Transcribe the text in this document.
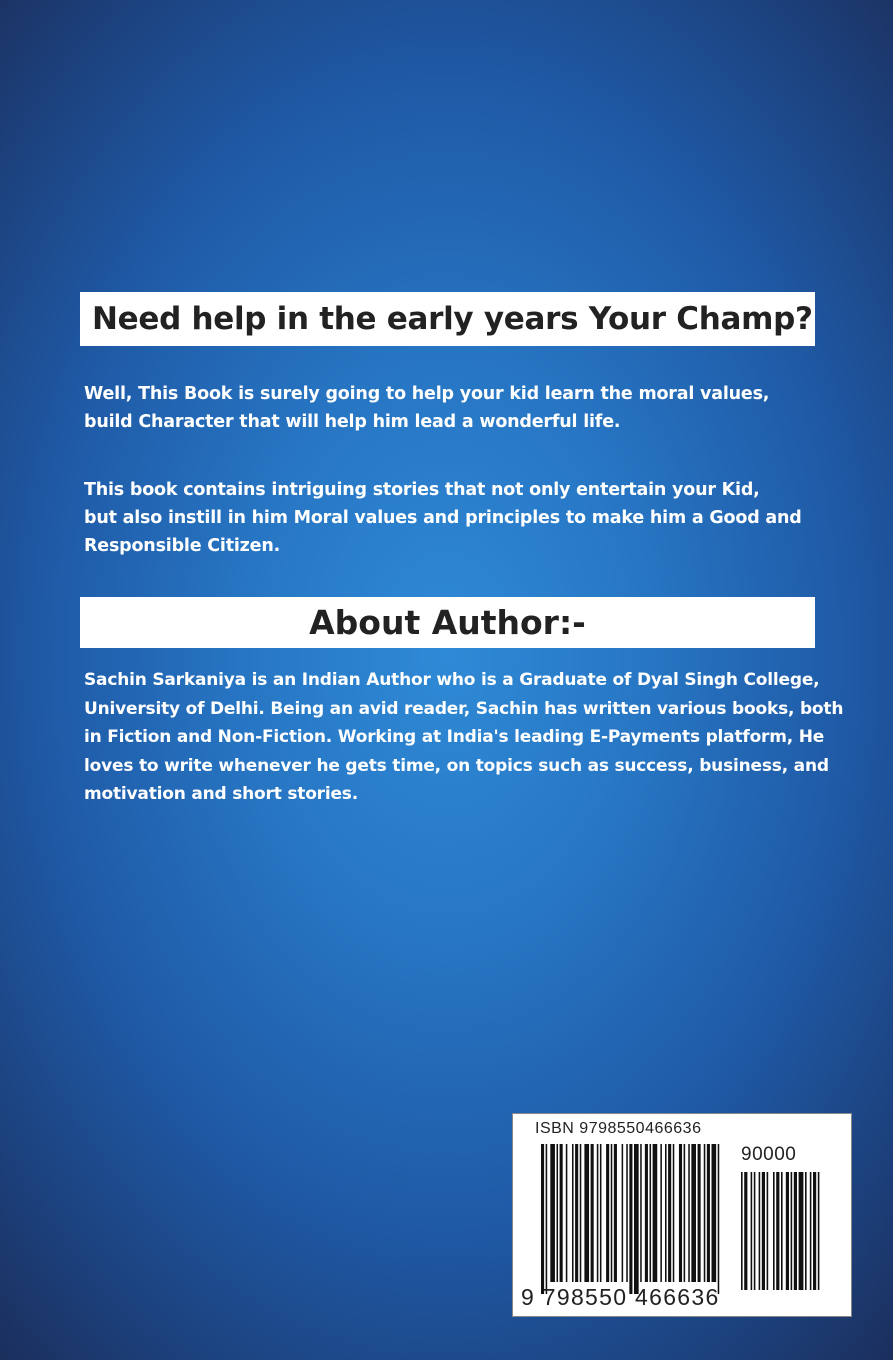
Need help in the early years Your Champ?
Well, This Book is surely going to help your kid learn the moral values,
build Character that will help him lead a wonderful life.
This book contains intriguing stories that not only entertain your Kid,
but also instill in him Moral values and principles to make him a Good and
Responsible Citizen.
About Author:-
Sachin Sarkaniya is an Indian Author who is a Graduate of Dyal Singh College,
University of Delhi. Being an avid reader, Sachin has written various books, both
in Fiction and Non-Fiction. Working at India's leading E-Payments platform, He
loves to write whenever he gets time, on topics such as success, business, and
motivation and short stories.
ISBN 9798550466636
90000
9 798550 466636
